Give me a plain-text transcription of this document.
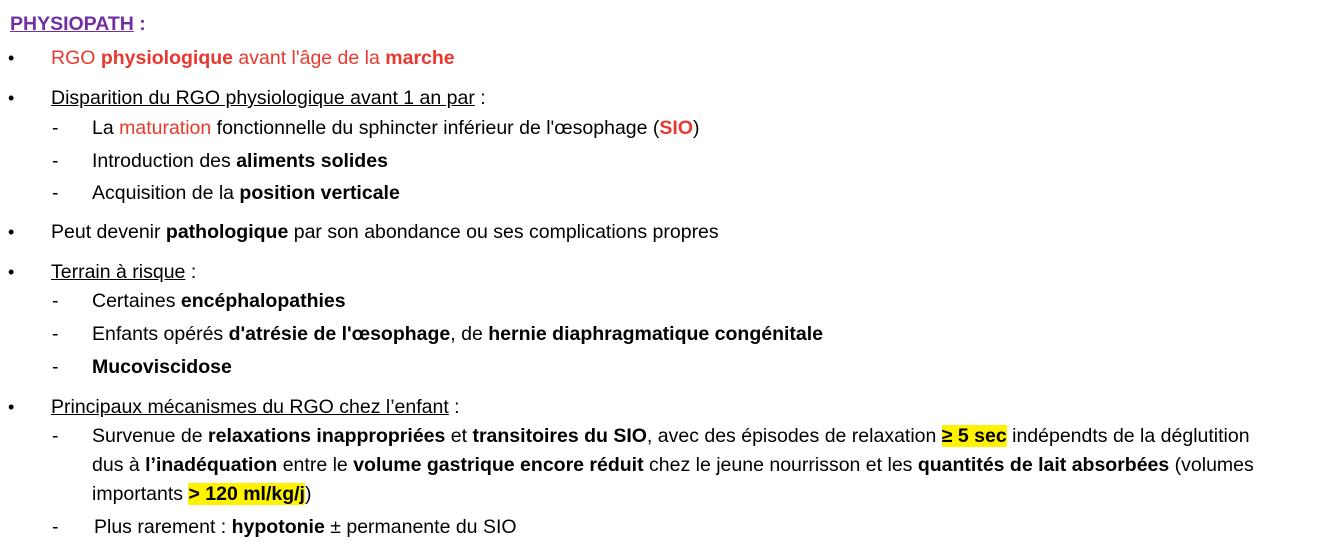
PHYSIOPATH :
• RGO physiologique avant l'âge de la marche
• Disparition du RGO physiologique avant 1 an par :
- La maturation fonctionnelle du sphincter inférieur de l'œsophage (SIO)
- Introduction des aliments solides
- Acquisition de la position verticale
• Peut devenir pathologique par son abondance ou ses complications propres
• Terrain à risque :
- Certaines encéphalopathies
- Enfants opérés d'atrésie de l'œsophage, de hernie diaphragmatique congénitale
- Mucoviscidose
• Principaux mécanismes du RGO chez l’enfant :
- Survenue de relaxations inappropriées et transitoires du SIO, avec des épisodes de relaxation ≥ 5 sec indépendts de la déglutition
dus à l’inadéquation entre le volume gastrique encore réduit chez le jeune nourrisson et les quantités de lait absorbées (volumes
importants > 120 ml/kg/j)
- Plus rarement : hypotonie ± permanente du SIO
